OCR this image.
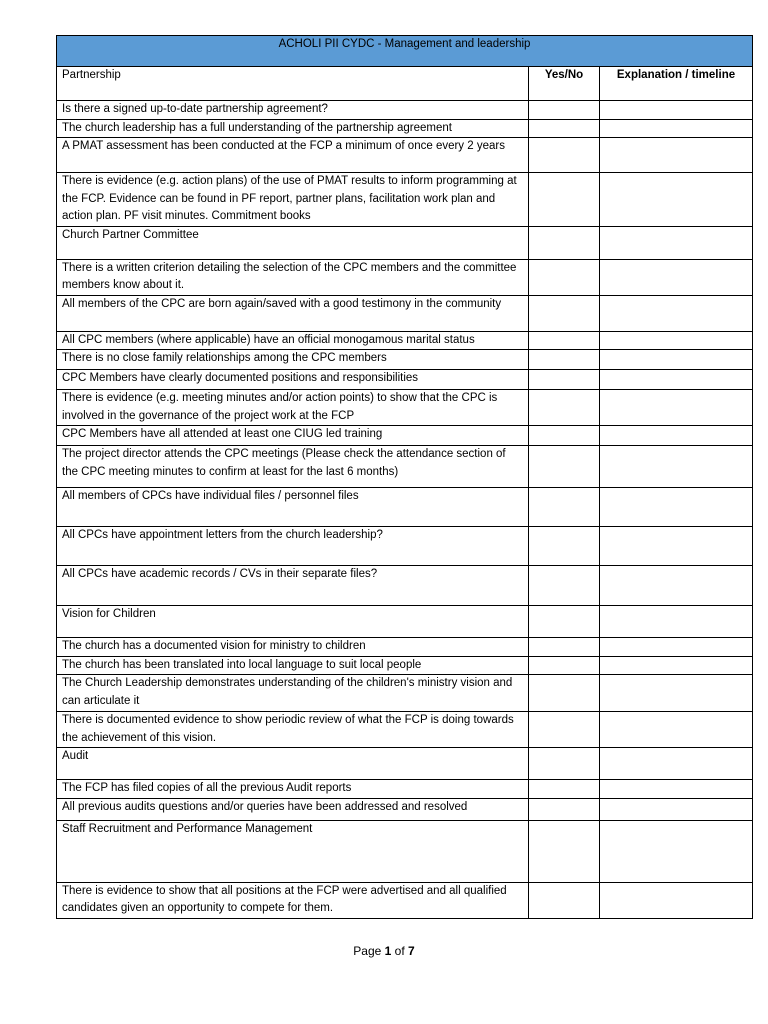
ACHOLI PII CYDC - Management and leadership		
Partnership	Yes/No	Explanation / timeline
Is there a signed up-to-date partnership agreement?		
The church leadership has a full understanding of the partnership agreement		
A PMAT assessment has been conducted at the FCP a minimum of once every 2 years		
There is evidence (e.g. action plans) of the use of PMAT results to inform programming at the FCP. Evidence can be found in PF report, partner plans, facilitation work plan and action plan. PF visit minutes. Commitment books		
Church Partner Committee		
There is a written criterion detailing the selection of the CPC members and the committee members know about it.		
All members of the CPC are born again/saved with a good testimony in the community		
All CPC members (where applicable) have an official monogamous marital status		
There is no close family relationships among the CPC members		
CPC Members have clearly documented positions and responsibilities		
There is evidence (e.g. meeting minutes and/or action points) to show that the CPC is involved in the governance of the project work at the FCP		
CPC Members have all attended at least one CIUG led training		
The project director attends the CPC meetings (Please check the attendance section of the CPC meeting minutes to confirm at least for the last 6 months)		
All members of CPCs have individual files / personnel files		
All CPCs have appointment letters from the church leadership?		
All CPCs have academic records / CVs in their separate files?		
Vision for Children		
The church has a documented vision for ministry to children		
The church has been translated into local language to suit local people		
The Church Leadership demonstrates understanding of the children's ministry vision and can articulate it		
There is documented evidence to show periodic review of what the FCP is doing towards the achievement of this vision.		
Audit		
The FCP has filed copies of all the previous Audit reports		
All previous audits questions and/or queries have been addressed and resolved		
Staff Recruitment and Performance Management		
There is evidence to show that all positions at the FCP were advertised and all qualified candidates given an opportunity to compete for them.		
Page 1 of 7
